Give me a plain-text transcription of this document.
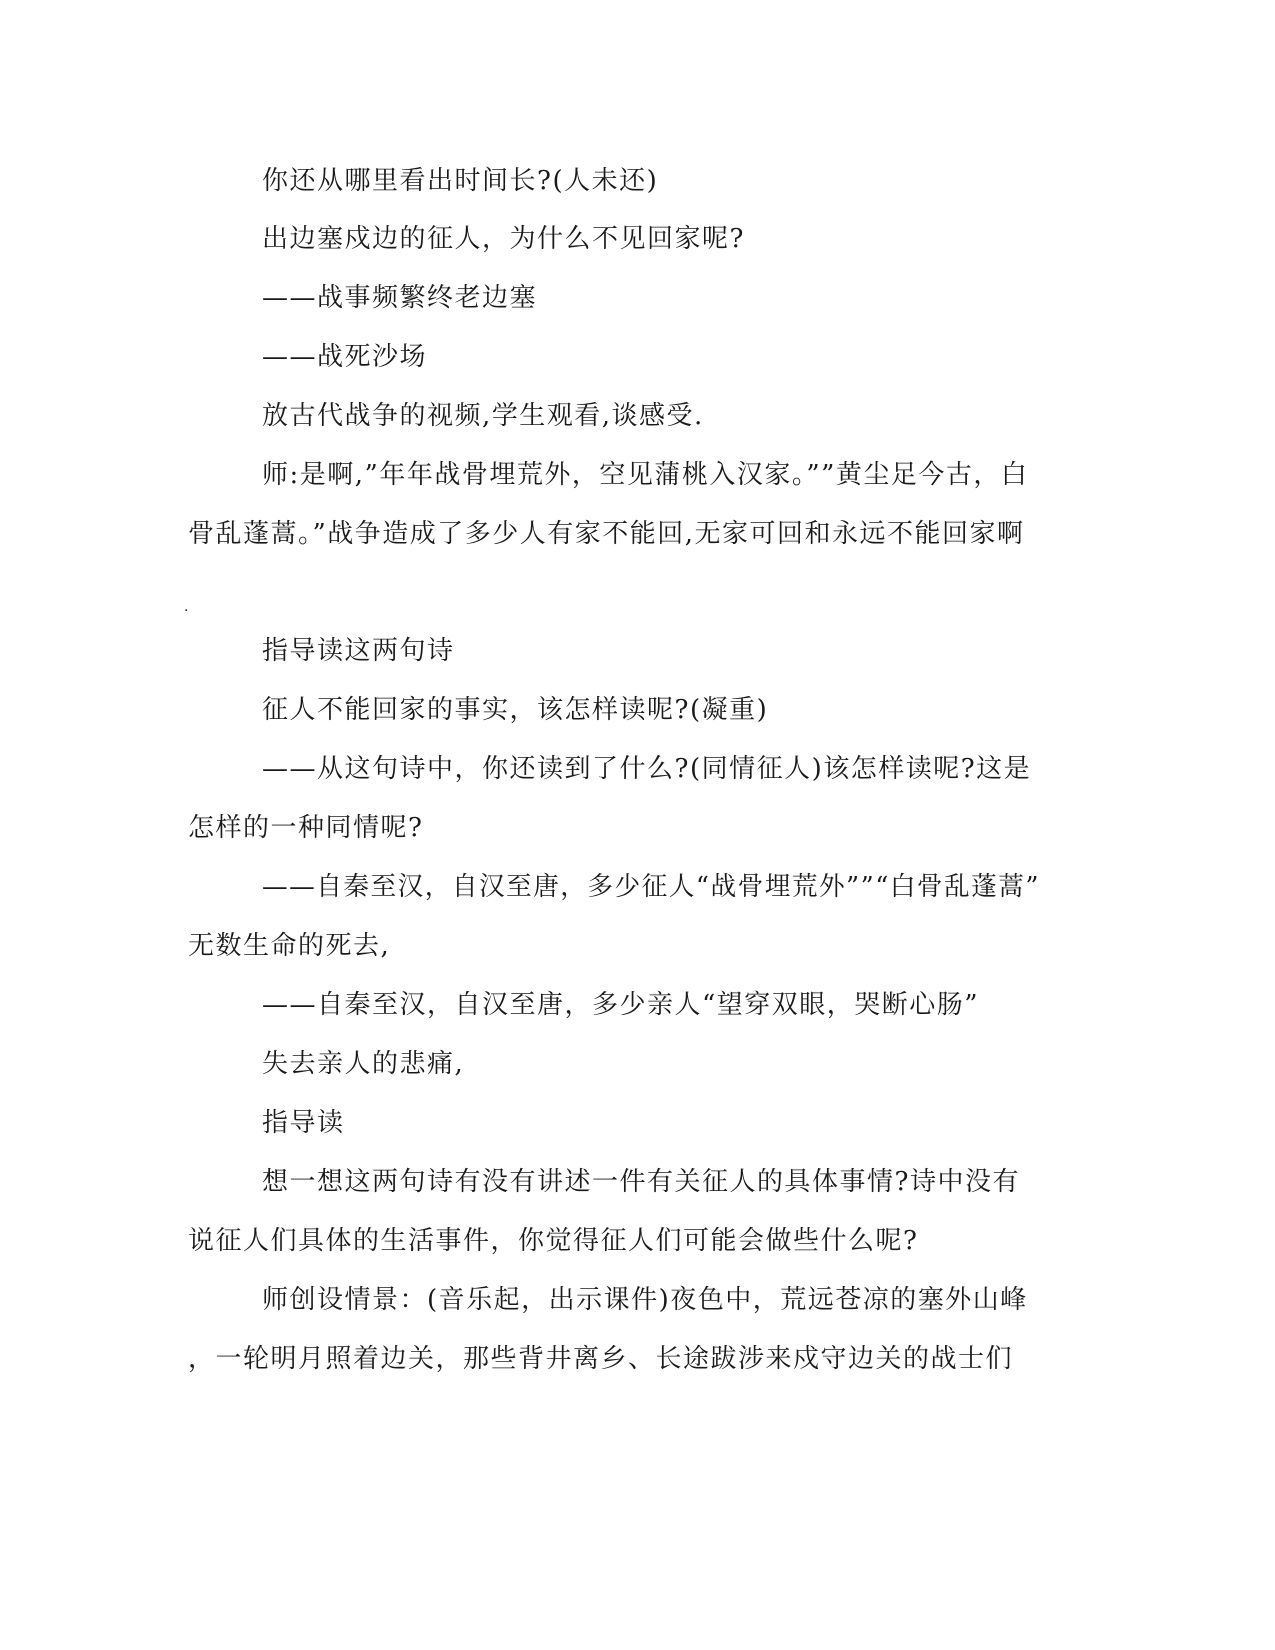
你还从哪里看出时间长?(人未还)
出边塞戍边的征人，为什么不见回家呢?
——战事频繁终老边塞
——战死沙场
放古代战争的视频,学生观看,谈感受.
师:是啊,”年年战骨埋荒外，空见蒲桃入汉家。””黄尘足今古，白
骨乱蓬蒿。”战争造成了多少人有家不能回,无家可回和永远不能回家啊
.
指导读这两句诗
征人不能回家的事实，该怎样读呢?(凝重)
——从这句诗中，你还读到了什么?(同情征人)该怎样读呢?这是
怎样的一种同情呢?
——自秦至汉，自汉至唐，多少征人“战骨埋荒外””“白骨乱蓬蒿”
无数生命的死去,
——自秦至汉，自汉至唐，多少亲人“望穿双眼，哭断心肠”
失去亲人的悲痛,
指导读
想一想这两句诗有没有讲述一件有关征人的具体事情?诗中没有
说征人们具体的生活事件，你觉得征人们可能会做些什么呢?
师创设情景：(音乐起，出示课件)夜色中，荒远苍凉的塞外山峰
，一轮明月照着边关，那些背井离乡、长途跋涉来戍守边关的战士们
